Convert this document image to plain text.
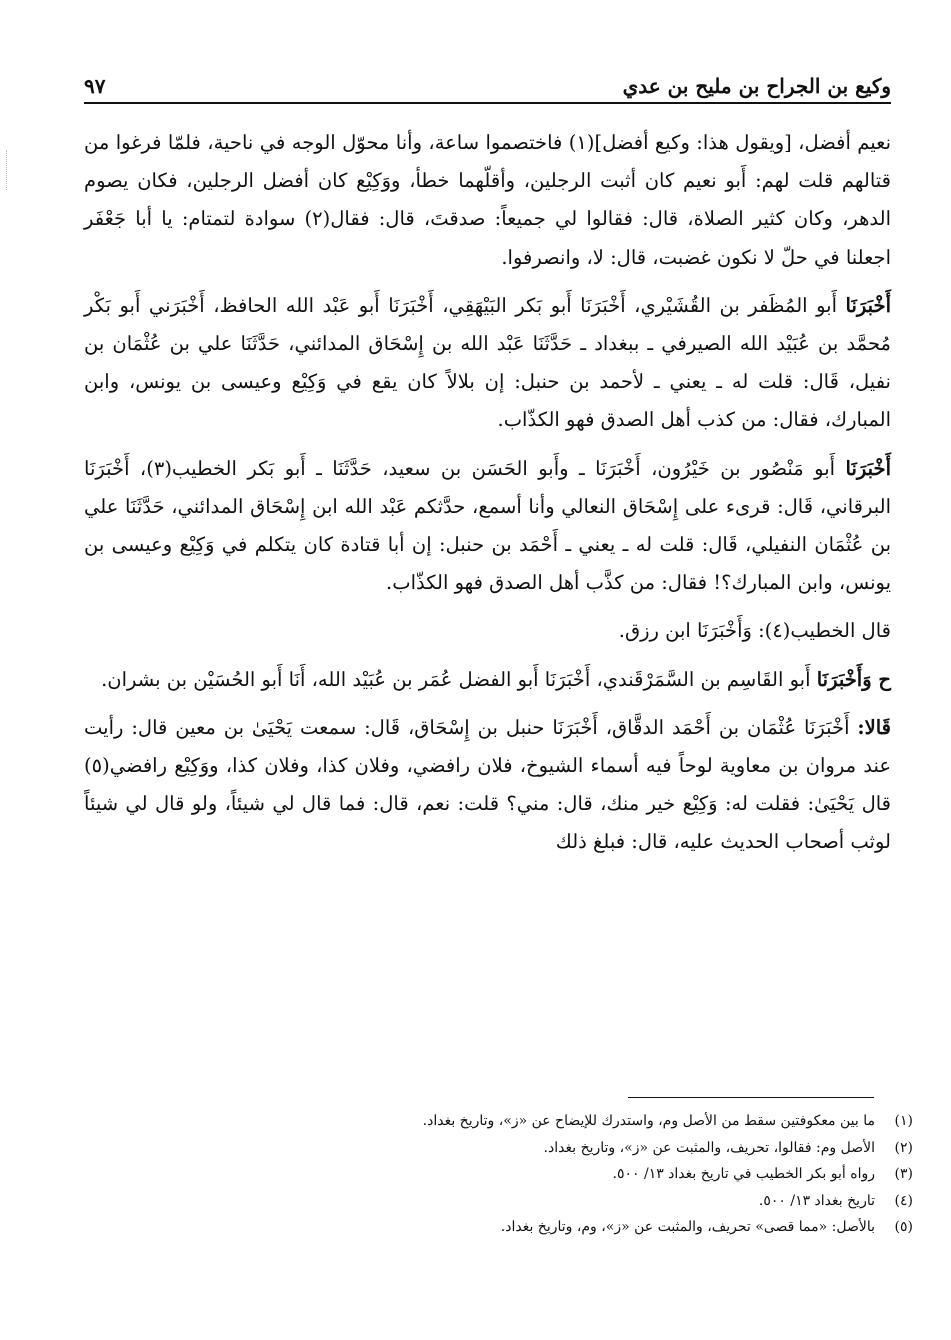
وكيع بن الجراح بن مليح بن عدي
٩٧

نعيم أفضل، [ويقول هذا: وكيع أفضل](١) فاختصموا ساعة، وأنا محوّل الوجه في ناحية، فلمّا فرغوا من قتالهم قلت لهم: أَبو نعيم كان أثبت الرجلين، وأقلّهما خطأ، ووَكِيْع كان أفضل الرجلين، فكان يصوم الدهر، وكان كثير الصلاة، قال: فقالوا لي جميعاً: صدقتَ، قال: فقال(٢) سوادة لتمتام: يا أبا جَعْفَر اجعلنا في حلّ لا نكون غضبت، قال: لا، وانصرفوا.

أَخْبَرَنَا أَبو المُظَفر بن القُشَيْري، أَخْبَرَنَا أَبو بَكر البَيْهَقِي، أَخْبَرَنَا أَبو عَبْد الله الحافظ، أَخْبَرَني أَبو بَكْر مُحمَّد بن عُبَيْد الله الصيرفي ـ ببغداد ـ حَدَّثَنَا عَبْد الله بن إِسْحَاق المدائني، حَدَّثَنَا علي بن عُثْمَان بن نفيل، قَال: قلت له ـ يعني ـ لأحمد بن حنبل: إن بلالاً كان يقع في وَكِيْع وعيسى بن يونس، وابن المبارك، فقال: من كذب أهل الصدق فهو الكذّاب.

أَخْبَرَنَا أَبو مَنْصُور بن خَيْرُون، أَخْبَرَنَا ـ وأَبو الحَسَن بن سعيد، حَدَّثَنَا ـ أَبو بَكر الخطيب(٣)، أَخْبَرَنَا البرقاني، قَال: قرىء على إِسْحَاق النعالي وأنا أسمع، حدَّثكم عَبْد الله ابن إِسْحَاق المدائني، حَدَّثَنَا علي بن عُثْمَان النفيلي، قَال: قلت له ـ يعني ـ أَحْمَد بن حنبل: إن أبا قتادة كان يتكلم في وَكِيْع وعيسى بن يونس، وابن المبارك؟! فقال: من كذَّب أهل الصدق فهو الكذّاب.

قال الخطيب(٤): وَأَخْبَرَنَا ابن رزق.

ح وَأَخْبَرَنَا أَبو القَاسِم بن السَّمَرْقَندي، أَخْبَرَنَا أَبو الفضل عُمَر بن عُبَيْد الله، أَنَا أَبو الحُسَيْن بن بشران.

قَالا: أَخْبَرَنَا عُثْمَان بن أَحْمَد الدقَّاق، أَخْبَرَنَا حنبل بن إِسْحَاق، قَال: سمعت يَحْيَىٰ بن معين قال: رأيت عند مروان بن معاوية لوحاً فيه أسماء الشيوخ، فلان رافضي، وفلان كذا، وفلان كذا، ووَكِيْع رافضي(٥) قال يَحْيَىٰ: فقلت له: وَكِيْع خير منك، قال: مني؟ قلت: نعم، قال: فما قال لي شيئاً، ولو قال لي شيئاً لوثب أصحاب الحديث عليه، قال: فبلغ ذلك

(١)
ما بين معكوفتين سقط من الأصل وم، واستدرك للإيضاح عن «ز»، وتاريخ بغداد.
(٢)
الأصل وم: فقالوا، تحريف، والمثبت عن «ز»، وتاريخ بغداد.
(٣)
رواه أبو بكر الخطيب في تاريخ بغداد ١٣/ ٥٠٠.
(٤)
تاريخ بغداد ١٣/ ٥٠٠.
(٥)
بالأصل: «مما قصى» تحريف، والمثبت عن «ز»، وم، وتاريخ بغداد.
